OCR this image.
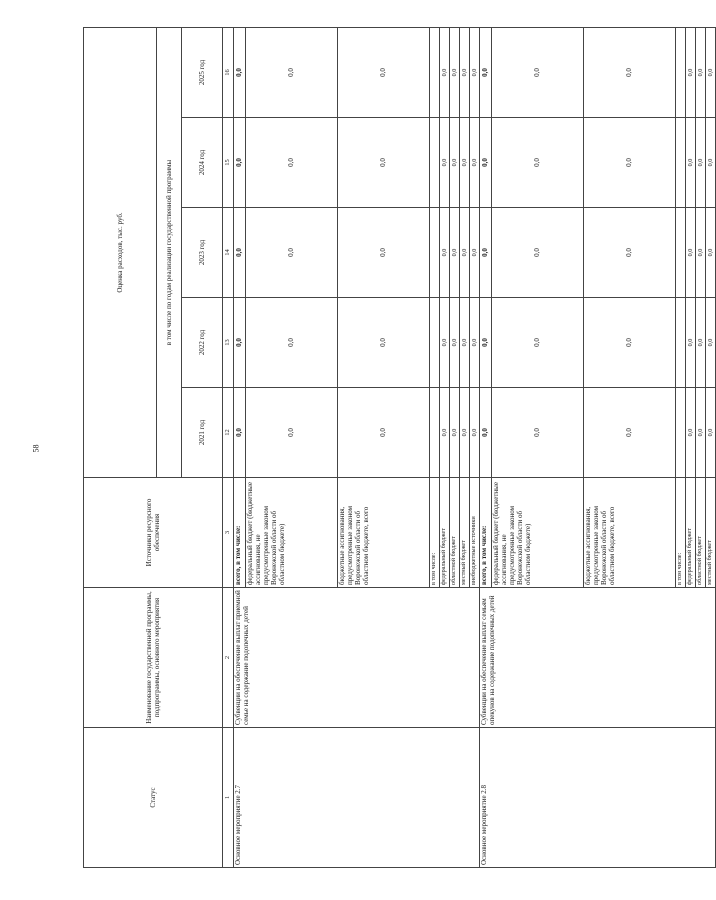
58
Статус	Наименование государственной программы, подпрограммы, основного мероприятия	Источники ресурсного обеспечения	Оценка расходов, тыс. руб.				
			в том числе по годам реализации государственной программы				
			2021 год	2022 год	2023 год	2024 год	2025 год
1	2	3	12	13	14	15	16
Основное мероприятие 2.7	Субвенции на обеспечение выплат приемной семье на содержание подопечных детей	всего, в том числе:	0,0	0,0	0,0	0,0	0,0
		федеральный бюджет (бюджетные ассигнования, не предусмотренные законом Воронежской области об областном бюджете)	0,0	0,0	0,0	0,0	0,0
		бюджетные ассигнования, предусмотренные законом Воронежской области об областном бюджете, всего	0,0	0,0	0,0	0,0	0,0
		в том числе:					
		федеральный бюджет	0,0	0,0	0,0	0,0	0,0
		областной бюджет	0,0	0,0	0,0	0,0	0,0
		местный бюджет	0,0	0,0	0,0	0,0	0,0
		внебюджетные источники	0,0	0,0	0,0	0,0	0,0
Основное мероприятие 2.8	Субвенции на обеспечение выплат семьям опекунов на содержание подопечных детей	всего, в том числе:	0,0	0,0	0,0	0,0	0,0
		федеральный бюджет (бюджетные ассигнования, не предусмотренные законом Воронежской области об областном бюджете)	0,0	0,0	0,0	0,0	0,0
		бюджетные ассигнования, предусмотренные законом Воронежской области об областном бюджете, всего	0,0	0,0	0,0	0,0	0,0
		в том числе:					
		федеральный бюджет	0,0	0,0	0,0	0,0	0,0
		областной бюджет	0,0	0,0	0,0	0,0	0,0
		местный бюджет	0,0	0,0	0,0	0,0	0,0
